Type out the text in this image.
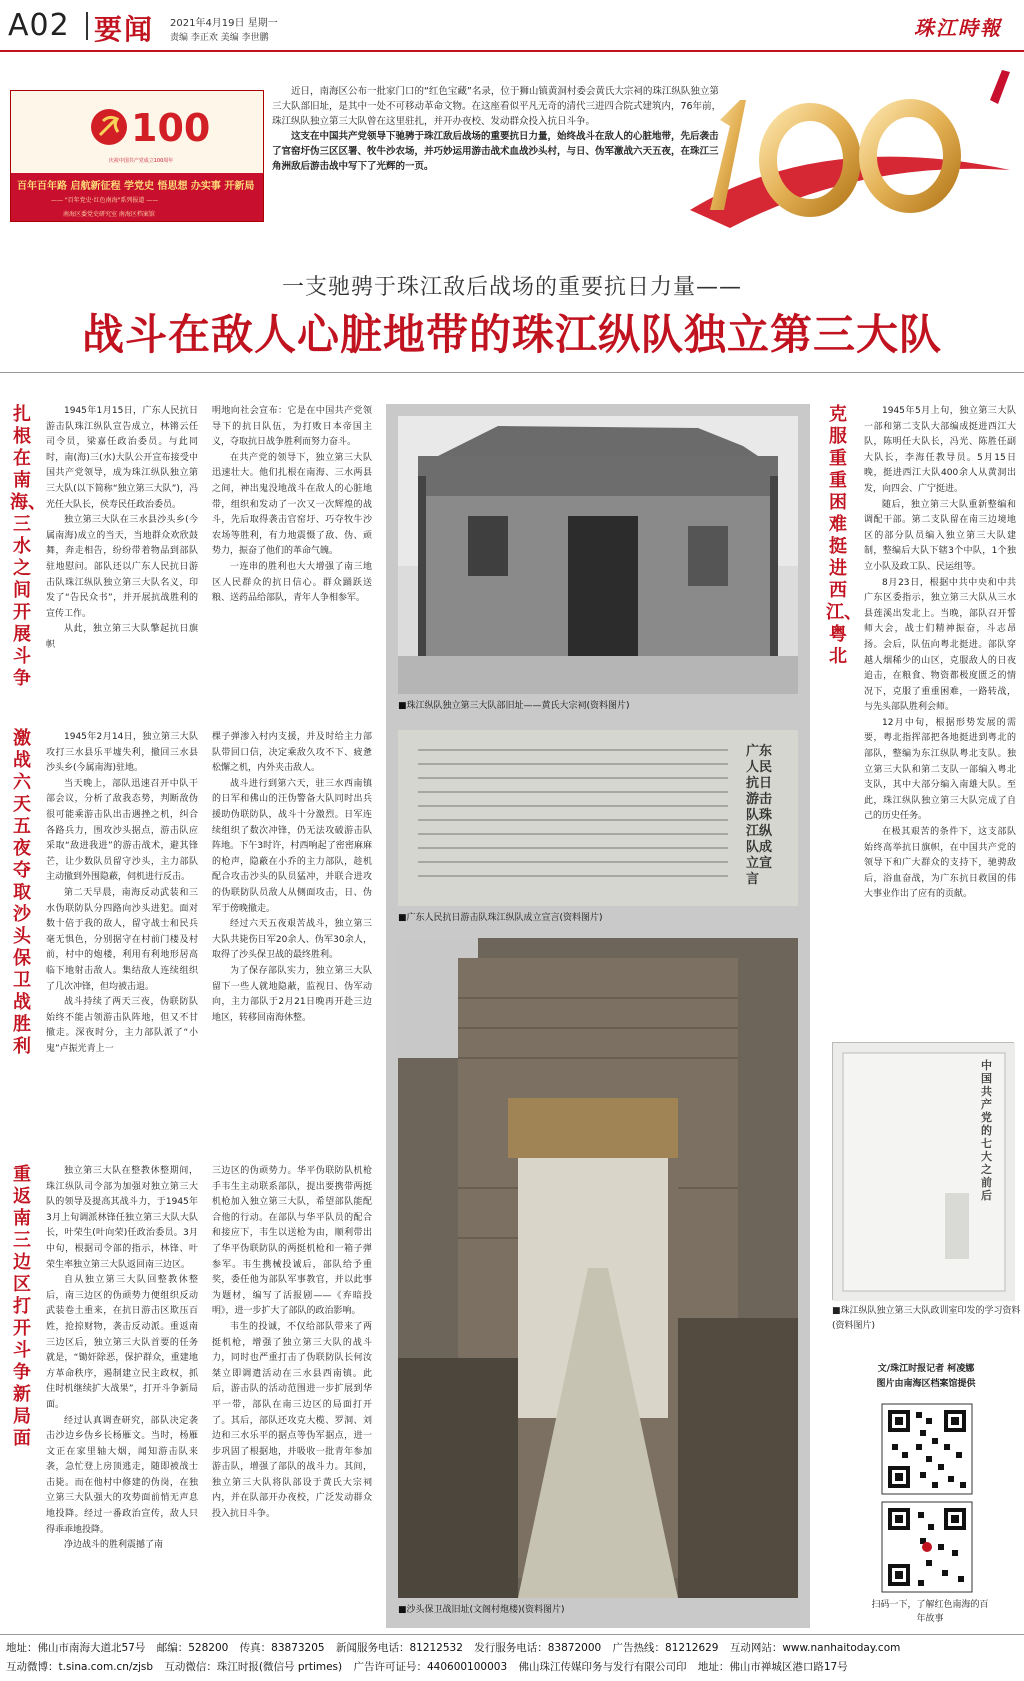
A02 要闻 2021年4月19日 星期一
责编 李正欢 美编 李世鹏	珠江時報
100
庆祝中国共产党成立100周年
百年百年路 启航新征程 学党史 悟思想 办实事 开新局
—— "百年党史·红色南海"系列报道 ——
南海区委党史研究室 南海区档案馆

近日，南海区公布一批家门口的“红色宝藏”名录，位于狮山镇黄洞村委会黄氏大宗祠的珠江纵队独立第三大队部旧址，是其中一处不可移动革命文物。在这座看似平凡无奇的清代三进四合院式建筑内，76年前，珠江纵队独立第三大队曾在这里驻扎，并开办夜校、发动群众投入抗日斗争。

这支在中国共产党领导下驰骋于珠江敌后战场的重要抗日力量，始终战斗在敌人的心脏地带，先后袭击了官窑圩伪三区区署、牧牛沙农场，并巧妙运用游击战术血战沙头村，与日、伪军激战六天五夜，在珠江三角洲敌后游击战中写下了光辉的一页。

一支驰骋于珠江敌后战场的重要抗日力量——
战斗在敌人心脏地带的珠江纵队独立第三大队
扎根在南海、三水之间开展斗争

1945年1月15日，广东人民抗日游击队珠江纵队宣告成立，林锵云任司令员，梁嘉任政治委员。与此同时，南(海)三(水)大队公开宣布接受中国共产党领导，成为珠江纵队独立第三大队(以下简称“独立第三大队”)，冯光任大队长，侯寿民任政治委员。

独立第三大队在三水县沙头乡(今属南海)成立的当天，当地群众欢欣鼓舞，奔走相告，纷纷带着物品到部队驻地慰问。部队还以广东人民抗日游击队珠江纵队独立第三大队名义，印发了“告民众书”，并开展抗战胜利的宣传工作。

从此，独立第三大队擎起抗日旗帜

明地向社会宣布：它是在中国共产党领导下的抗日队伍，为打败日本帝国主义，夺取抗日战争胜利而努力奋斗。

在共产党的领导下，独立第三大队迅速壮大。他们扎根在南海、三水两县之间，神出鬼没地战斗在敌人的心脏地带，组织和发动了一次又一次辉煌的战斗，先后取得袭击官窑圩、巧夺牧牛沙农场等胜利，有力地震慑了敌、伪、顽势力，振奋了他们的革命气魄。

一连串的胜利也大大增强了南三地区人民群众的抗日信心。群众踊跃送粮、送药品给部队，青年人争相参军。

激战六天五夜夺取沙头保卫战胜利

1945年2月14日，独立第三大队攻打三水县乐平墟失利，撤回三水县沙头乡(今属南海)驻地。

当天晚上，部队迅速召开中队干部会议，分析了敌我态势，判断敌伪很可能乘游击队出击遇挫之机，纠合各路兵力，围攻沙头据点，游击队应采取“敌进我进”的游击战术，避其锋芒，让少数队员留守沙头，主力部队主动撤到外围隐蔽，伺机进行反击。

第二天早晨，南海反动武装和三水伪联防队分四路向沙头进犯。面对数十倍于我的敌人，留守战士和民兵毫无惧色，分别据守在村前门楼及村前，村中的炮楼，利用有利地形居高临下地射击敌人。集结敌人连续组织了几次冲锋，但均被击退。

战斗持续了两天三夜，伪联防队始终不能占领游击队阵地，但又不甘撤走。深夜时分，主力部队派了“小鬼”卢振光青上一

棵子弹渗入村内支援，并及时给主力部队带回口信，决定乘敌久攻不下、疲惫松懈之机，内外夹击敌人。

战斗进行到第六天，驻三水西南镇的日军和佛山的汪伪警备大队同时出兵援助伪联防队，战斗十分激烈。日军连续组织了数次冲锋，仍无法攻破游击队阵地。下午3时许，村西响起了密密麻麻的枪声，隐蔽在小乔的主力部队，趁机配合攻击沙头的队员猛冲，并联合进攻的伪联防队员敌人从侧面攻击，日、伪军于傍晚撤走。

经过六天五夜艰苦战斗，独立第三大队共毙伤日军20余人、伪军30余人，取得了沙头保卫战的最终胜利。

为了保存部队实力，独立第三大队留下一些人就地隐蔽，监视日、伪军动向，主力部队于2月21日晚再开赴三边地区，转移回南海休整。

重返南三边区打开斗争新局面

独立第三大队在整教休整期间，珠江纵队司令部为加强对独立第三大队的领导及提高其战斗力，于1945年3月上旬调派林锋任独立第三大队大队长，叶荣生(叶向荣)任政治委员。3月中旬，根据司令部的指示，林锋、叶荣生率独立第三大队返回南三边区。

自从独立第三大队回整教休整后，南三边区的伪顽势力便组织反动武装卷土重来，在抗日游击区欺压百姓，抢掠财物，袭击反动派。重返南三边区后，独立第三大队首要的任务就是，“锄奸除恶，保护群众，重建地方革命秩序，遏制建立民主政权，抓住时机继续扩大战果”，打开斗争新局面。

经过认真调查研究，部队决定袭击沙边乡伪乡长杨雁文。当时，杨雁文正在家里轴大烟，闻知游击队来袭，急忙登上房顶逃走，随即被战士击毙。而在他村中修建的伪岗，在独立第三大队强大的攻势面前悄无声息地投降。经过一番政治宣传，敌人只得乖乖地投降。

净边战斗的胜利震撼了南

三边区的伪顽势力。华平伪联防队机枪手韦生主动联系部队，提出要携带两挺机枪加入独立第三大队，希望部队能配合他的行动。在部队与华平队员的配合和接应下，韦生以送枪为由，顺利带出了华平伪联防队的两挺机枪和一箱子弹参军。韦生携械投诚后，部队给予重奖，委任他为部队军事教官，并以此事为题材，编写了活报剧——《弃暗投明》，进一步扩大了部队的政治影响。

韦生的投诚，不仅给部队带来了两挺机枪，增强了独立第三大队的战斗力，同时也严重打击了伪联防队长何汝桀立即调遣活动在三水县西南镇。此后，游击队的活动范围进一步扩展到华平一带，部队在南三边区的局面打开了。其后，部队还攻克大榄、罗洞、刘边和三水乐平的据点等伪军据点，进一步巩固了根据地，并吸收一批青年参加游击队，增强了部队的战斗力。其间，独立第三大队将队部设于黄氏大宗祠内，并在队部开办夜校，广泛发动群众投入抗日斗争。

■珠江纵队独立第三大队部旧址——黄氏大宗祠(资料图片)
广东人民抗日游击队珠江纵队成立宣言
■广东人民抗日游击队珠江纵队成立宣言(资料图片)
■沙头保卫战旧址(文阁村炮楼)(资料图片)
克服重重困难挺进西江、粤北

1945年5月上旬，独立第三大队一部和第二支队大部编成挺进西江大队，陈明任大队长，冯光、陈胜任副大队长，李海任教导员。5月15日晚，挺进西江大队400余人从黄洞出发，向四会、广宁挺进。

随后，独立第三大队重新整编和调配干部。第二支队留在南三边境地区的部分队员编入独立第三大队建制，整编后大队下辖3个中队，1个独立小队及政工队、民运组等。

8月23日，根据中共中央和中共广东区委指示，独立第三大队从三水县莲溪出发北上。当晚，部队召开誓师大会，战士们精神振奋，斗志昂扬。会后，队伍向粤北挺进。部队穿越人烟稀少的山区，克服敌人的日夜追击，在粮食、物资都极度匮乏的情况下，克服了重重困难，一路转战，与先头部队胜利会师。

12月中旬，根据形势发展的需要，粤北指挥部把各地挺进到粤北的部队，整编为东江纵队粤北支队。独立第三大队和第二支队一部编入粤北支队，其中大部分编入南雄大队。至此，珠江纵队独立第三大队完成了自己的历史任务。

在极其艰苦的条件下，这支部队始终高举抗日旗帜，在中国共产党的领导下和广大群众的支持下，驰骋敌后，浴血奋战，为广东抗日救国的伟大事业作出了应有的贡献。

中国共产党的七大之前后
■珠江纵队独立第三大队政训室印发的学习资料(资料图片)
文/珠江时报记者 柯凌娜
图片由南海区档案馆提供
扫码一下，了解红色南海的百年故事
地址：佛山市南海大道北57号 邮编：528200 传真：83873205 新闻服务电话：81212532 发行服务电话：83872000 广告热线：81212629 互动网站：www.nanhaitoday.com
互动微博：t.sina.com.cn/zjsb 互动微信：珠江时报(微信号 prtimes) 广告许可证号：440600100003 佛山珠江传媒印务与发行有限公司印 地址：佛山市禅城区港口路17号
